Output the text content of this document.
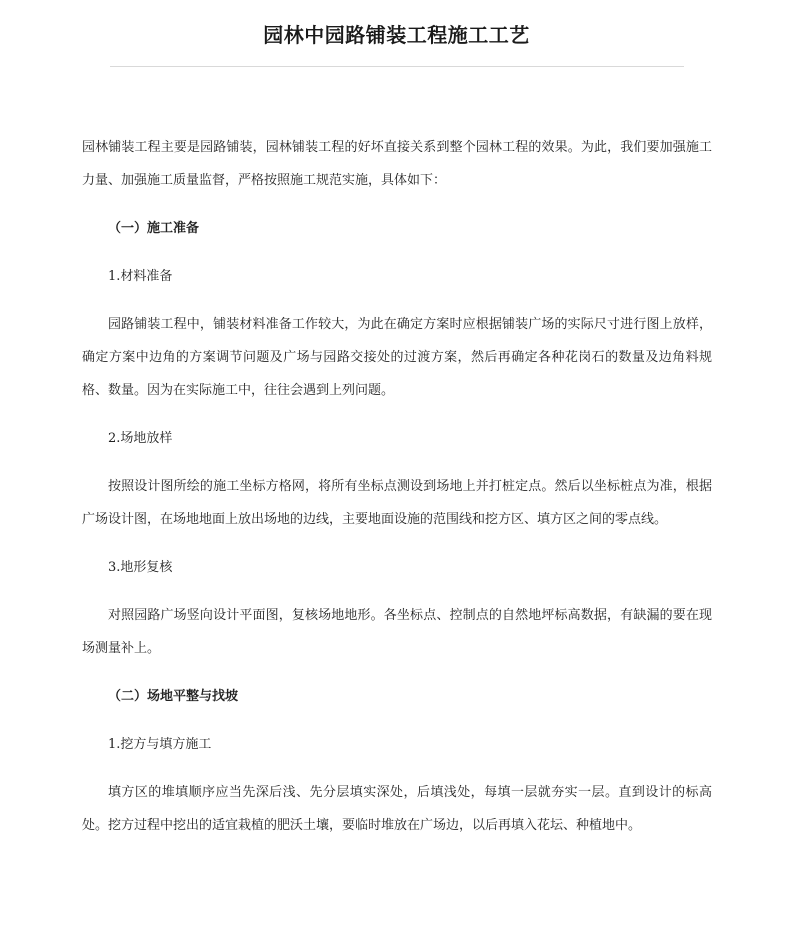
园林中园路铺装工程施工工艺

园林铺装工程主要是园路铺装，园林铺装工程的好坏直接关系到整个园林工程的效果。为此，我们要加强施工力量、加强施工质量监督，严格按照施工规范实施，具体如下：

（一）施工准备

1.材料准备

园路铺装工程中，铺装材料准备工作较大，为此在确定方案时应根据铺装广场的实际尺寸进行图上放样，确定方案中边角的方案调节问题及广场与园路交接处的过渡方案，然后再确定各种花岗石的数量及边角料规格、数量。因为在实际施工中，往往会遇到上列问题。

2.场地放样

按照设计图所绘的施工坐标方格网，将所有坐标点测设到场地上并打桩定点。然后以坐标桩点为准，根据广场设计图，在场地地面上放出场地的边线，主要地面设施的范围线和挖方区、填方区之间的零点线。

3.地形复核

对照园路广场竖向设计平面图，复核场地地形。各坐标点、控制点的自然地坪标高数据，有缺漏的要在现场测量补上。

（二）场地平整与找坡

1.挖方与填方施工

填方区的堆填顺序应当先深后浅、先分层填实深处，后填浅处，每填一层就夯实一层。直到设计的标高处。挖方过程中挖出的适宜栽植的肥沃土壤，要临时堆放在广场边，以后再填入花坛、种植地中。
